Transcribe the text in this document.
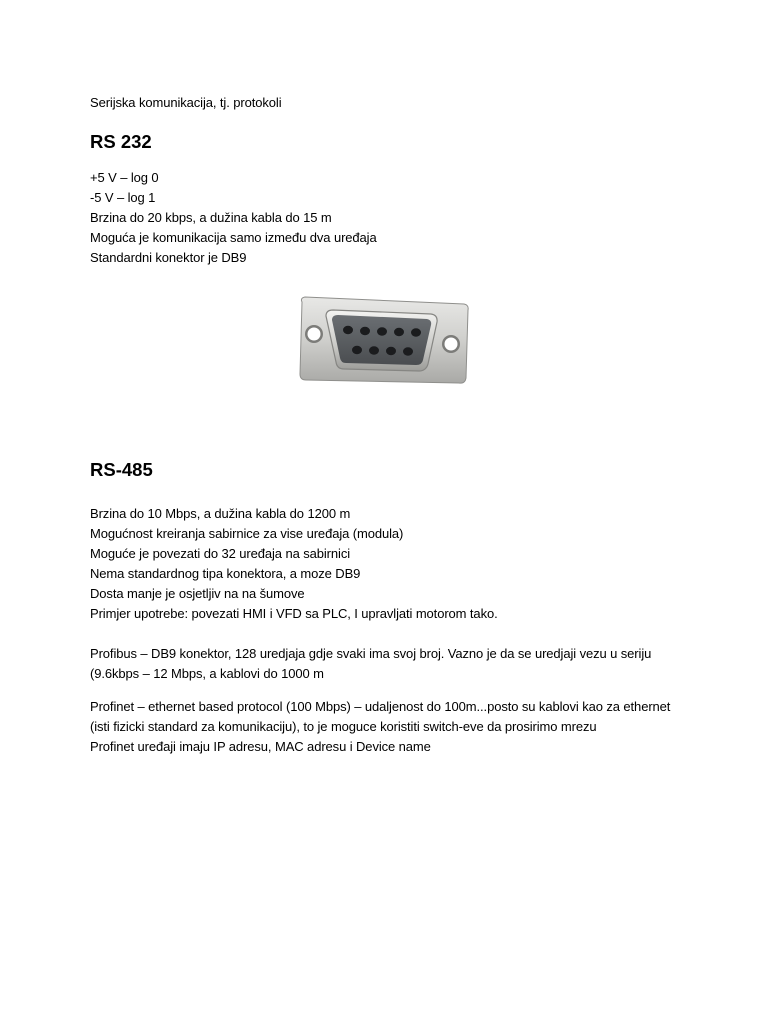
Serijska komunikacija, tj. protokoli
RS 232
+5 V – log 0
-5 V – log 1
Brzina do 20 kbps, a dužina kabla do 15 m
Moguća je komunikacija samo između dva uređaja
Standardni konektor je DB9
RS-485
Brzina do 10 Mbps, a dužina kabla do 1200 m
Mogućnost kreiranja sabirnice za vise uređaja (modula)
Moguće je povezati do 32 uređaja na sabirnici
Nema standardnog tipa konektora, a moze DB9
Dosta manje je osjetljiv na na šumove
Primjer upotrebe: povezati HMI i VFD sa PLC, I upravljati motorom tako.
Profibus – DB9 konektor, 128 uredjaja gdje svaki ima svoj broj. Vazno je da se uredjaji vezu u seriju
(9.6kbps – 12 Mbps, a kablovi do 1000 m
Profinet – ethernet based protocol (100 Mbps) – udaljenost do 100m...posto su kablovi kao za ethernet
(isti fizicki standard za komunikaciju), to je moguce koristiti switch-eve da prosirimo mrezu
Profinet uređaji imaju IP adresu, MAC adresu i Device name
